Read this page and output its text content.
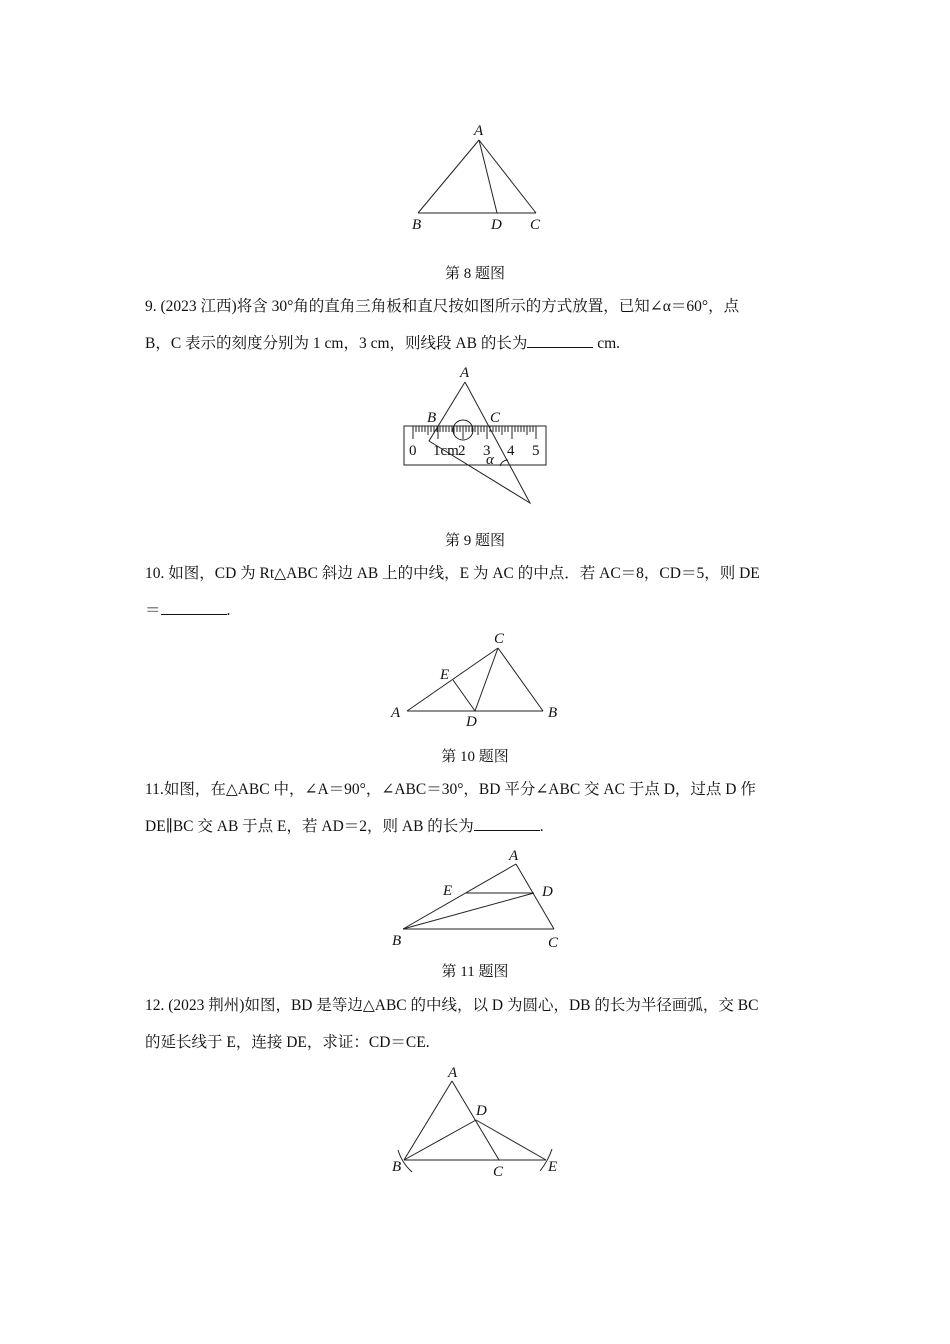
A
B	D C
第 8 题图
9. (2023 江西)将含 30°角的直角三角板和直尺按如图所示的方式放置，已知∠α＝60°，点
B，C 表示的刻度分别为 1 cm，3 cm，则线段 AB 的长为	cm.
A
B	C
α
0 1cm 2 3 4 5
第 9 题图
10. 如图，CD 为 Rt△ABC 斜边 AB 上的中线，E 为 AC 的中点．若 AC＝8，CD＝5，则 DE
＝	.
C
E
A
D
B
第 10 题图
11.如图，在△ABC 中，∠A＝90°，∠ABC＝30°，BD 平分∠ABC 交 AC 于点 D，过点 D 作
DE∥BC 交 AB 于点 E，若 AD＝2，则 AB 的长为	.
A
E	D
B	C
第 11 题图
12. (2023 荆州)如图，BD 是等边△ABC 的中线，以 D 为圆心，DB 的长为半径画弧，交 BC
的延长线于 E，连接 DE，求证：CD＝CE.
A
D
B	C	E
